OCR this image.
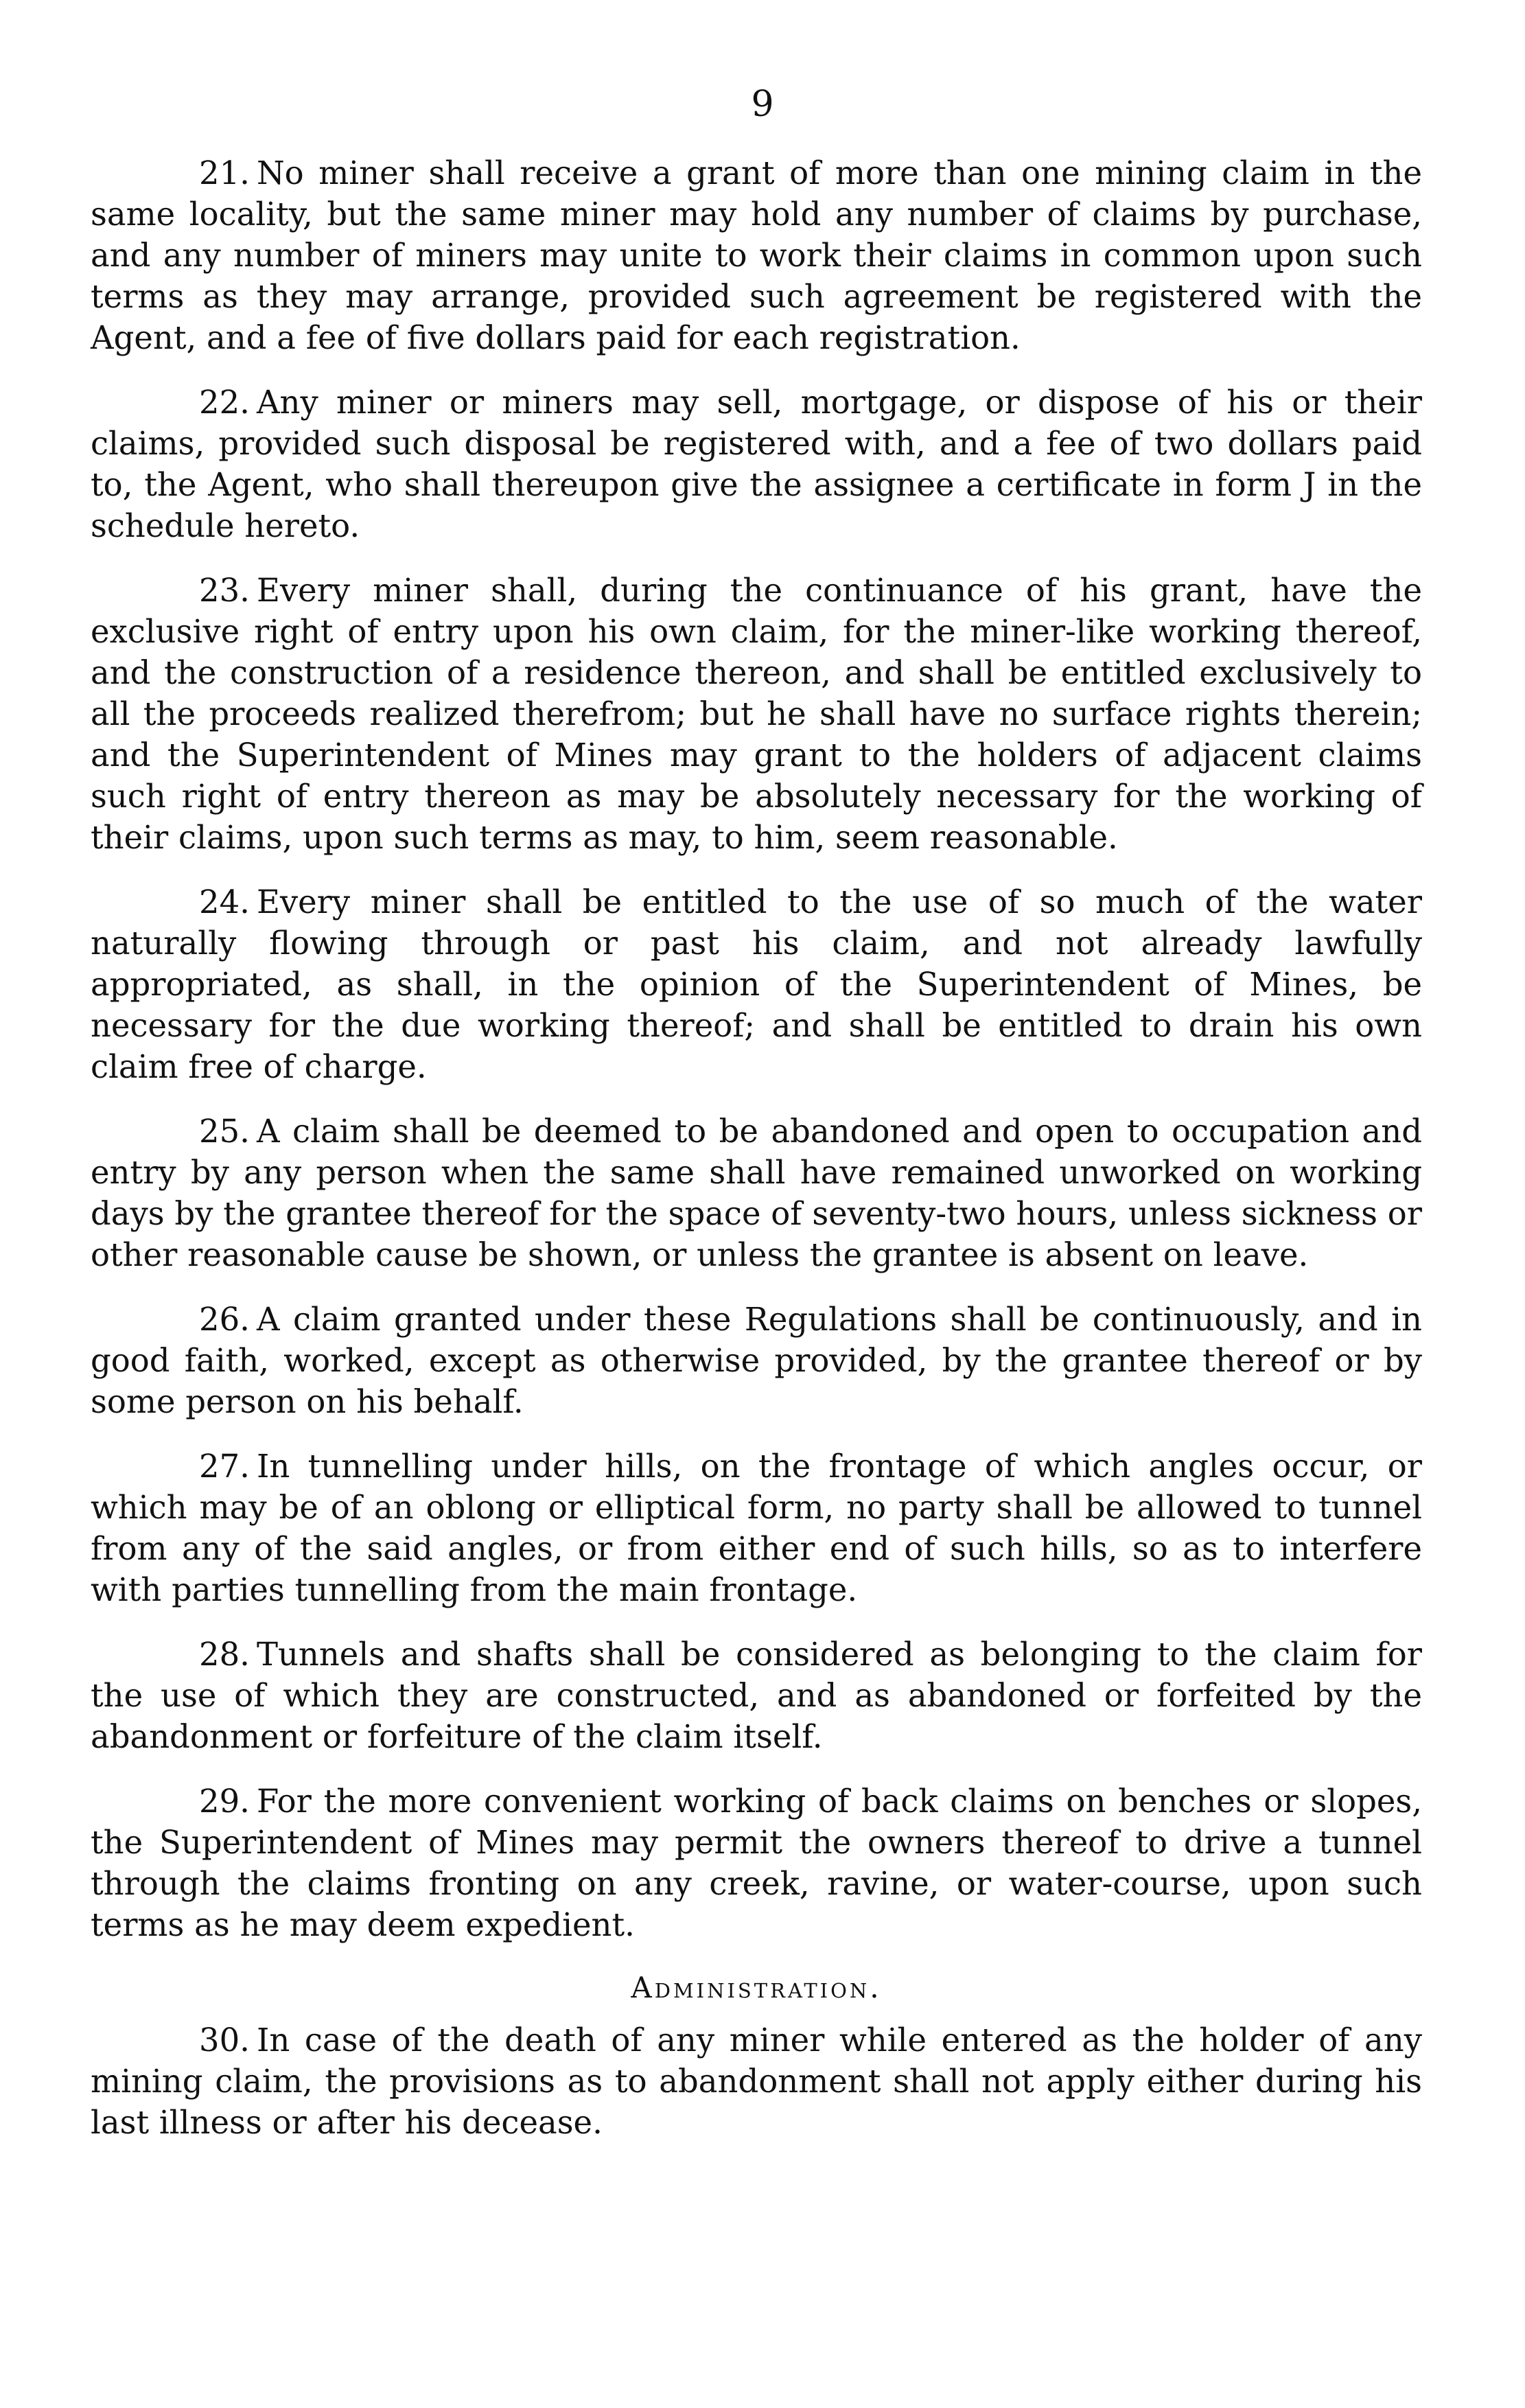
9

21. No miner shall receive a grant of more than one mining claim in the same locality, but the same miner may hold any number of claims by purchase, and any number of miners may unite to work their claims in common upon such terms as they may arrange, provided such agreement be registered with the Agent, and a fee of five dollars paid for each registration.

22. Any miner or miners may sell, mortgage, or dispose of his or their claims, provided such disposal be registered with, and a fee of two dollars paid to, the Agent, who shall thereupon give the assignee a certificate in form J in the schedule hereto.

23. Every miner shall, during the continuance of his grant, have the exclusive right of entry upon his own claim, for the miner-like working thereof, and the construction of a residence thereon, and shall be entitled exclusively to all the proceeds realized therefrom; but he shall have no surface rights therein; and the Superintendent of Mines may grant to the holders of adjacent claims such right of entry thereon as may be absolutely necessary for the working of their claims, upon such terms as may, to him, seem reasonable.

24. Every miner shall be entitled to the use of so much of the water naturally flowing through or past his claim, and not already lawfully appropriated, as shall, in the opinion of the Superintendent of Mines, be necessary for the due working thereof; and shall be entitled to drain his own claim free of charge.

25. A claim shall be deemed to be abandoned and open to occupation and entry by any person when the same shall have remained unworked on working days by the grantee thereof for the space of seventy-two hours, unless sickness or other reasonable cause be shown, or unless the grantee is absent on leave.

26. A claim granted under these Regulations shall be continuously, and in good faith, worked, except as otherwise provided, by the grantee thereof or by some person on his behalf.

27. In tunnelling under hills, on the frontage of which angles occur, or which may be of an oblong or elliptical form, no party shall be allowed to tunnel from any of the said angles, or from either end of such hills, so as to interfere with parties tunnelling from the main frontage.

28. Tunnels and shafts shall be considered as belonging to the claim for the use of which they are constructed, and as abandoned or forfeited by the abandonment or forfeiture of the claim itself.

29. For the more convenient working of back claims on benches or slopes, the Superintendent of Mines may permit the owners thereof to drive a tunnel through the claims fronting on any creek, ravine, or water-course, upon such terms as he may deem expedient.

Administration.

30. In case of the death of any miner while entered as the holder of any mining claim, the provisions as to abandonment shall not apply either during his last illness or after his decease.
